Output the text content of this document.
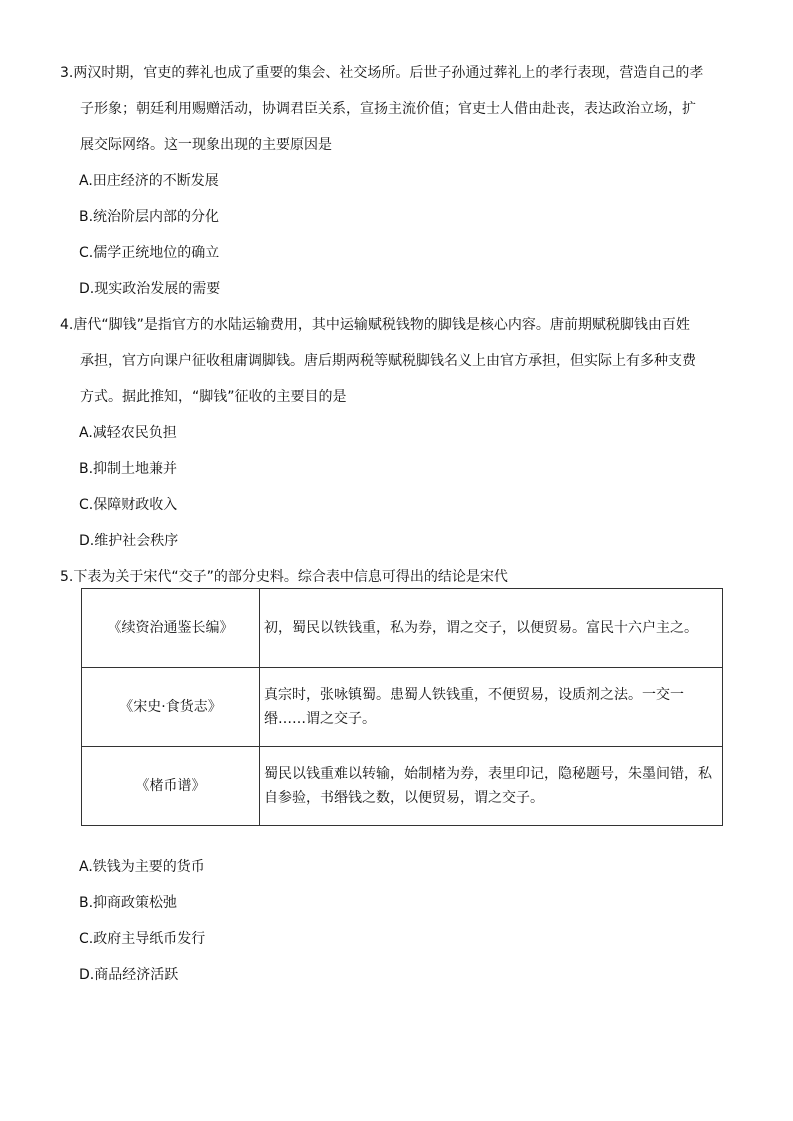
3.两汉时期，官吏的葬礼也成了重要的集会、社交场所。后世子孙通过葬礼上的孝行表现，营造自己的孝
子形象；朝廷利用赐赠活动，协调君臣关系，宣扬主流价值；官吏士人借由赴丧，表达政治立场，扩
展交际网络。这一现象出现的主要原因是

A.田庄经济的不断发展

B.统治阶层内部的分化

C.儒学正统地位的确立

D.现实政治发展的需要

4.唐代“脚钱”是指官方的水陆运输费用，其中运输赋税钱物的脚钱是核心内容。唐前期赋税脚钱由百姓
承担，官方向课户征收租庸调脚钱。唐后期两税等赋税脚钱名义上由官方承担，但实际上有多种支费
方式。据此推知，“脚钱”征收的主要目的是

A.减轻农民负担

B.抑制土地兼并

C.保障财政收入

D.维护社会秩序

5.下表为关于宋代“交子”的部分史料。综合表中信息可得出的结论是宋代

《续资治通鉴长编》	初，蜀民以铁钱重，私为券，谓之交子，以便贸易。富民十六户主之。
《宋史·食货志》	真宗时，张咏镇蜀。患蜀人铁钱重，不便贸易，设质剂之法。一交一缗……谓之交子。
《楮币谱》	蜀民以钱重难以转输，始制楮为券，表里印记，隐秘题号，朱墨间错，私自参验，书缗钱之数，以便贸易，谓之交子。

A.铁钱为主要的货币

B.抑商政策松弛

C.政府主导纸币发行

D.商品经济活跃
